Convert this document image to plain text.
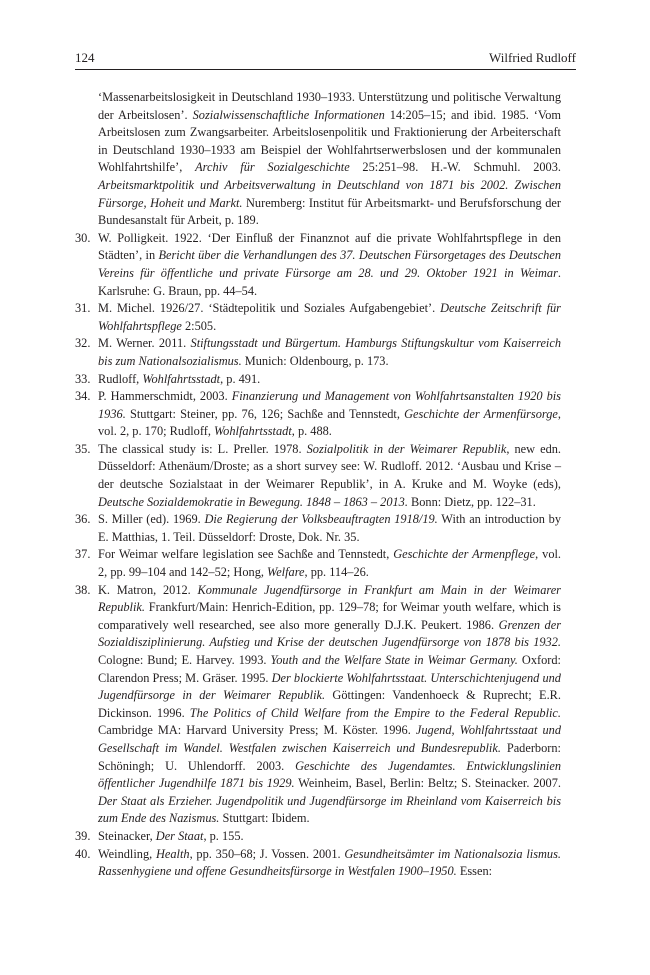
124	Wilfried Rudloff
‘Massenarbeitslosigkeit in Deutschland 1930–1933. Unterstützung und politische Verwaltung der Arbeitslosen’. Sozialwissenschaftliche Informationen 14:205–15; and ibid. 1985. ‘Vom Arbeitslosen zum Zwangsarbeiter. Arbeitslosenpolitik und Fraktionierung der Arbeiterschaft in Deutschland 1930–1933 am Beispiel der Wohlfahrtserwerbslosen und der kommunalen Wohlfahrtshilfe’, Archiv für Sozialgeschichte 25:251–98. H.-W. Schmuhl. 2003. Arbeitsmarktpolitik und Arbeitsverwaltung in Deutschland von 1871 bis 2002. Zwischen Fürsorge, Hoheit und Markt. Nuremberg: Institut für Arbeitsmarkt- und Berufsforschung der Bundesanstalt für Arbeit, p. 189.
30. W. Polligkeit. 1922. ‘Der Einfluß der Finanznot auf die private Wohlfahrtspflege in den Städten’, in Bericht über die Verhandlungen des 37. Deutschen Fürsorgetages des Deutschen Vereins für öffentliche und private Fürsorge am 28. und 29. Oktober 1921 in Weimar. Karlsruhe: G. Braun, pp. 44–54.
31. M. Michel. 1926/27. ‘Städtepolitik und Soziales Aufgabengebiet’. Deutsche Zeitschrift für Wohlfahrtspflege 2:505.
32. M. Werner. 2011. Stiftungsstadt und Bürgertum. Hamburgs Stiftungskultur vom Kaiserreich bis zum Nationalsozialismus. Munich: Oldenbourg, p. 173.
33. Rudloff, Wohlfahrtsstadt, p. 491.
34. P. Hammerschmidt, 2003. Finanzierung und Management von Wohlfahrtsanstalten 1920 bis 1936. Stuttgart: Steiner, pp. 76, 126; Sachße and Tennstedt, Geschichte der Armenfürsorge, vol. 2, p. 170; Rudloff, Wohlfahrtsstadt, p. 488.
35. The classical study is: L. Preller. 1978. Sozialpolitik in der Weimarer Republik, new edn. Düsseldorf: Athenäum/Droste; as a short survey see: W. Rudloff. 2012. ‘Ausbau und Krise – der deutsche Sozialstaat in der Weimarer Republik’, in A. Kruke and M. Woyke (eds), Deutsche Sozialdemokratie in Bewegung. 1848 – 1863 – 2013. Bonn: Dietz, pp. 122–31.
36. S. Miller (ed). 1969. Die Regierung der Volksbeauftragten 1918/19. With an introduction by E. Matthias, 1. Teil. Düsseldorf: Droste, Dok. Nr. 35.
37. For Weimar welfare legislation see Sachße and Tennstedt, Geschichte der Armenpflege, vol. 2, pp. 99–104 and 142–52; Hong, Welfare, pp. 114–26.
38. K. Matron, 2012. Kommunale Jugendfürsorge in Frankfurt am Main in der Weimarer Republik. Frankfurt/Main: Henrich-Edition, pp. 129–78; for Weimar youth welfare, which is comparatively well researched, see also more generally D.J.K. Peukert. 1986. Grenzen der Sozialdisziplinierung. Aufstieg und Krise der deutschen Jugendfürsorge von 1878 bis 1932. Cologne: Bund; E. Harvey. 1993. Youth and the Welfare State in Weimar Germany. Oxford: Clarendon Press; M. Gräser. 1995. Der blockierte Wohlfahrtsstaat. Unterschichtenjugend und Jugendfürsorge in der Weimarer Republik. Göttingen: Vandenhoeck & Ruprecht; E.R. Dickinson. 1996. The Politics of Child Welfare from the Empire to the Federal Republic. Cambridge MA: Harvard University Press; M. Köster. 1996. Jugend, Wohlfahrtsstaat und Gesellschaft im Wandel. Westfalen zwischen Kaiserreich und Bundesrepublik. Paderborn: Schöningh; U. Uhlendorff. 2003. Geschichte des Jugendamtes. Entwicklungslinien öffentlicher Jugendhilfe 1871 bis 1929. Weinheim, Basel, Berlin: Beltz; S. Steinacker. 2007. Der Staat als Erzieher. Jugendpolitik und Jugendfürsorge im Rheinland vom Kaiserreich bis zum Ende des Nazismus. Stuttgart: Ibidem.
39. Steinacker, Der Staat, p. 155.
40. Weindling, Health, pp. 350–68; J. Vossen. 2001. Gesundheitsämter im Nationalsozia lismus. Rassenhygiene und offene Gesundheitsfürsorge in Westfalen 1900–1950. Essen:
